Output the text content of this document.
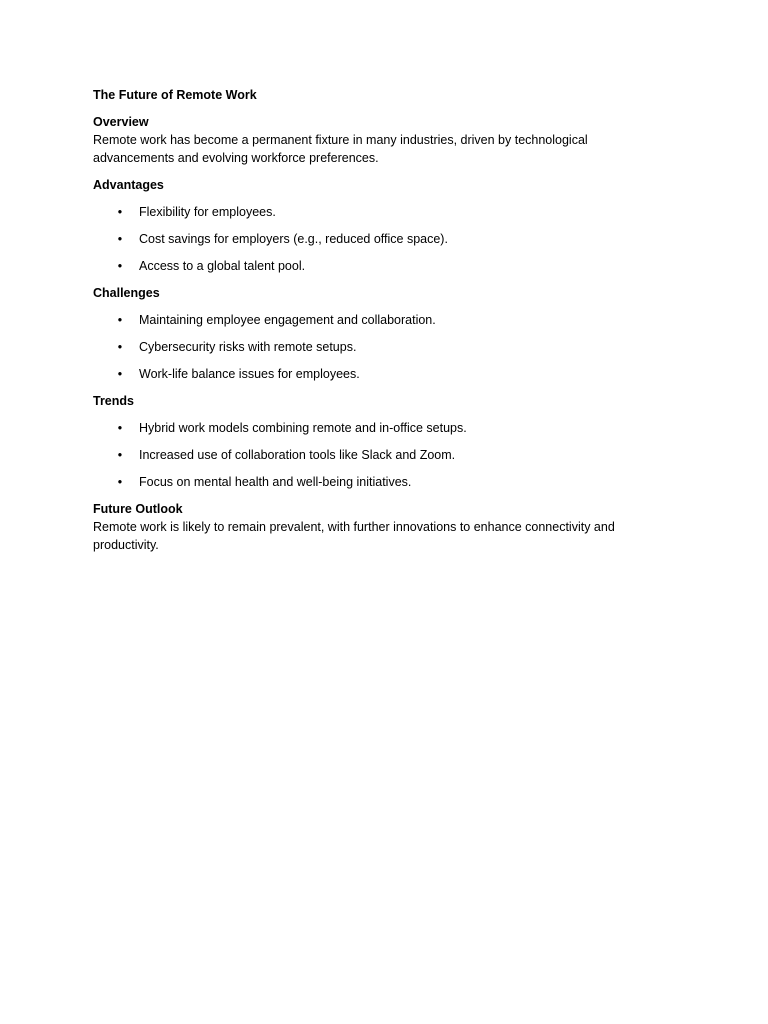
The Future of Remote Work
Overview
Remote work has become a permanent fixture in many industries, driven by technological advancements and evolving workforce preferences.
Advantages
• Flexibility for employees.
• Cost savings for employers (e.g., reduced office space).
• Access to a global talent pool.
Challenges
• Maintaining employee engagement and collaboration.
• Cybersecurity risks with remote setups.
• Work-life balance issues for employees.
Trends
• Hybrid work models combining remote and in-office setups.
• Increased use of collaboration tools like Slack and Zoom.
• Focus on mental health and well-being initiatives.
Future Outlook
Remote work is likely to remain prevalent, with further innovations to enhance connectivity and productivity.
